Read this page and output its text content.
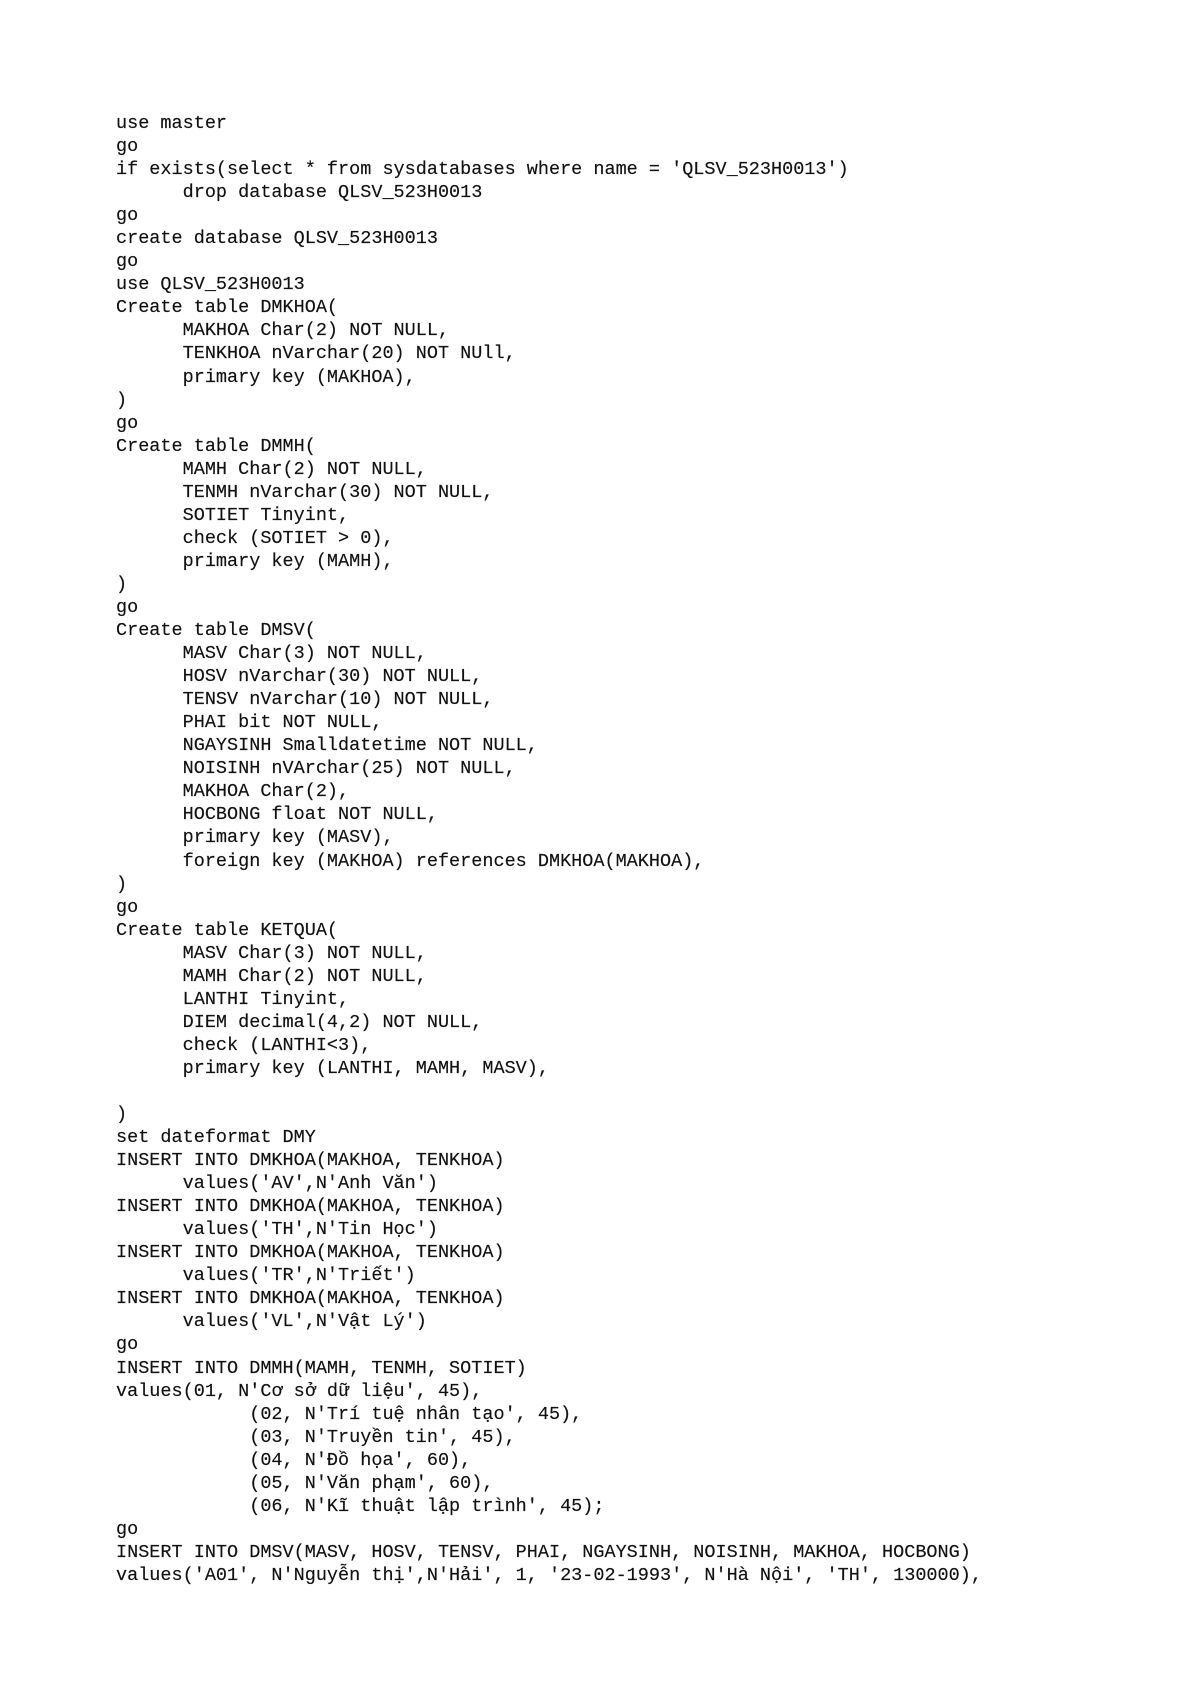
use master
go
if exists(select * from sysdatabases where name = 'QLSV_523H0013')
drop database QLSV_523H0013
go
create database QLSV_523H0013
go
use QLSV_523H0013
Create table DMKHOA(
MAKHOA Char(2) NOT NULL,
TENKHOA nVarchar(20) NOT NUll,
primary key (MAKHOA),
)
go
Create table DMMH(
MAMH Char(2) NOT NULL,
TENMH nVarchar(30) NOT NULL,
SOTIET Tinyint,
check (SOTIET > 0),
primary key (MAMH),
)
go
Create table DMSV(
MASV Char(3) NOT NULL,
HOSV nVarchar(30) NOT NULL,
TENSV nVarchar(10) NOT NULL,
PHAI bit NOT NULL,
NGAYSINH Smalldatetime NOT NULL,
NOISINH nVArchar(25) NOT NULL,
MAKHOA Char(2),
HOCBONG float NOT NULL,
primary key (MASV),
foreign key (MAKHOA) references DMKHOA(MAKHOA),
)
go
Create table KETQUA(
MASV Char(3) NOT NULL,
MAMH Char(2) NOT NULL,
LANTHI Tinyint,
DIEM decimal(4,2) NOT NULL,
check (LANTHI<3),
primary key (LANTHI, MAMH, MASV),
)
set dateformat DMY
INSERT INTO DMKHOA(MAKHOA, TENKHOA)
values('AV',N'Anh Văn')
INSERT INTO DMKHOA(MAKHOA, TENKHOA)
values('TH',N'Tin Học')
INSERT INTO DMKHOA(MAKHOA, TENKHOA)
values('TR',N'Triết')
INSERT INTO DMKHOA(MAKHOA, TENKHOA)
values('VL',N'Vật Lý')
go
INSERT INTO DMMH(MAMH, TENMH, SOTIET)
values(01, N'Cơ sở dữ liệu', 45),
(02, N'Trí tuệ nhân tạo', 45),
(03, N'Truyền tin', 45),
(04, N'Đồ họa', 60),
(05, N'Văn phạm', 60),
(06, N'Kĩ thuật lập trình', 45);
go
INSERT INTO DMSV(MASV, HOSV, TENSV, PHAI, NGAYSINH, NOISINH, MAKHOA, HOCBONG)
values('A01', N'Nguyễn thị',N'Hải', 1, '23-02-1993', N'Hà Nội', 'TH', 130000),
